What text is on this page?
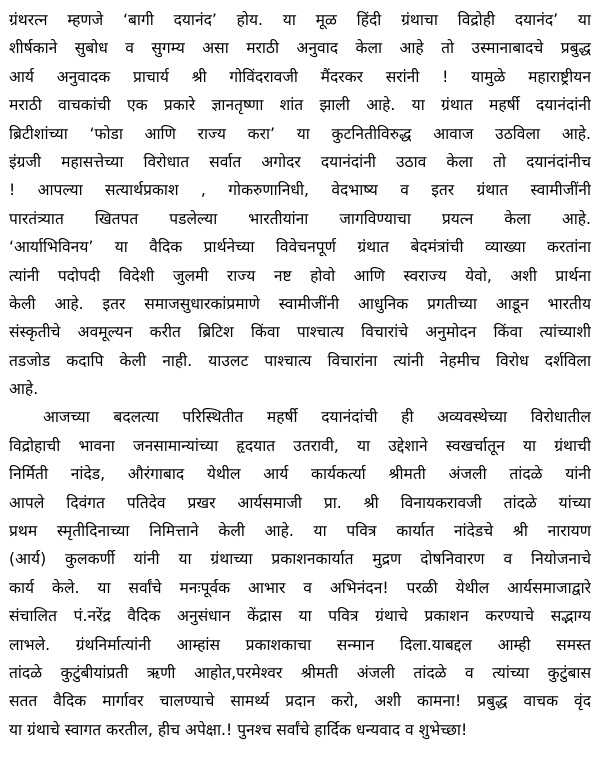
ग्रंथरत्न म्हणजे ‘बागी दयानंद’ होय. या मूळ हिंदी ग्रंथाचा विद्रोही दयानंद’ या
शीर्षकाने सुबोध व सुगम्य असा मराठी अनुवाद केला आहे तो उस्मानाबादचे प्रबुद्ध
आर्य अनुवादक प्राचार्य श्री गोविंदरावजी मैंदरकर सरांनी ! यामुळे महाराष्ट्रीयन
मराठी वाचकांची एक प्रकारे ज्ञानतृष्णा शांत झाली आहे. या ग्रंथात महर्षी दयानंदांनी
ब्रिटीशांच्या ‘फोडा आणि राज्य करा’ या कुटनितीविरुद्ध आवाज उठविला आहे.
इंग्रजी महासत्तेच्या विरोधात सर्वात अगोदर दयानंदांनी उठाव केला तो दयानंदांनीच
! आपल्या सत्यार्थप्रकाश , गोकरुणानिधी, वेदभाष्य व इतर ग्रंथात स्वामीजींनी
पारतंत्र्यात खितपत पडलेल्या भारतीयांना जागविण्याचा प्रयत्न केला आहे.
‘आर्याभिविनय’ या वैदिक प्रार्थनेच्या विवेचनपूर्ण ग्रंथात बेदमंत्रांची व्याख्या करतांना
त्यांनी पदोपदी विदेशी जुलमी राज्य नष्ट होवो आणि स्वराज्य येवो, अशी प्रार्थना
केली आहे. इतर समाजसुधारकांप्रमाणे स्वामीजींनी आधुनिक प्रगतीच्या आडून भारतीय
संस्कृतीचे अवमूल्यन करीत ब्रिटिश किंवा पाश्चात्य विचारांचे अनुमोदन किंवा त्यांच्याशी
तडजोड कदापि केली नाही. याउलट पाश्चात्य विचारांना त्यांनी नेहमीच विरोध दर्शविला
आहे.
आजच्या बदलत्या परिस्थितीत महर्षी दयानंदांची ही अव्यवस्थेच्या विरोधातील
विद्रोहाची भावना जनसामान्यांच्या हृदयात उतरावी, या उद्देशाने स्वखर्चातून या ग्रंथाची
निर्मिती नांदेड, औरंगाबाद येथील आर्य कार्यकर्त्या श्रीमती अंजली तांदळे यांनी
आपले दिवंगत पतिदेव प्रखर आर्यसमाजी प्रा. श्री विनायकरावजी तांदळे यांच्या
प्रथम स्मृतीदिनाच्या निमित्ताने केली आहे. या पवित्र कार्यात नांदेडचे श्री नारायण
(आर्य) कुलकर्णी यांनी या ग्रंथाच्या प्रकाशनकार्यात मुद्रण दोषनिवारण व नियोजनाचे
कार्य केले. या सर्वांचे मनःपूर्वक आभार व अभिनंदन! परळी येथील आर्यसमाजाद्वारे
संचालित पं.नरेंद्र वैदिक अनुसंधान केंद्रास या पवित्र ग्रंथाचे प्रकाशन करण्याचे सद्भाग्य
लाभले. ग्रंथनिर्मात्यांनी आम्हांस प्रकाशकाचा सन्मान दिला.याबद्दल आम्ही समस्त
तांदळे कुटुंबीयांप्रती ऋणी आहोत,परमेश्वर श्रीमती अंजली तांदळे व त्यांच्या कुटुंबास
सतत वैदिक मार्गावर चालण्याचे सामर्थ्य प्रदान करो, अशी कामना! प्रबुद्ध वाचक वृंद
या ग्रंथाचे स्वागत करतील, हीच अपेक्षा.! पुनश्च सर्वांचे हार्दिक धन्यवाद व शुभेच्छा!
